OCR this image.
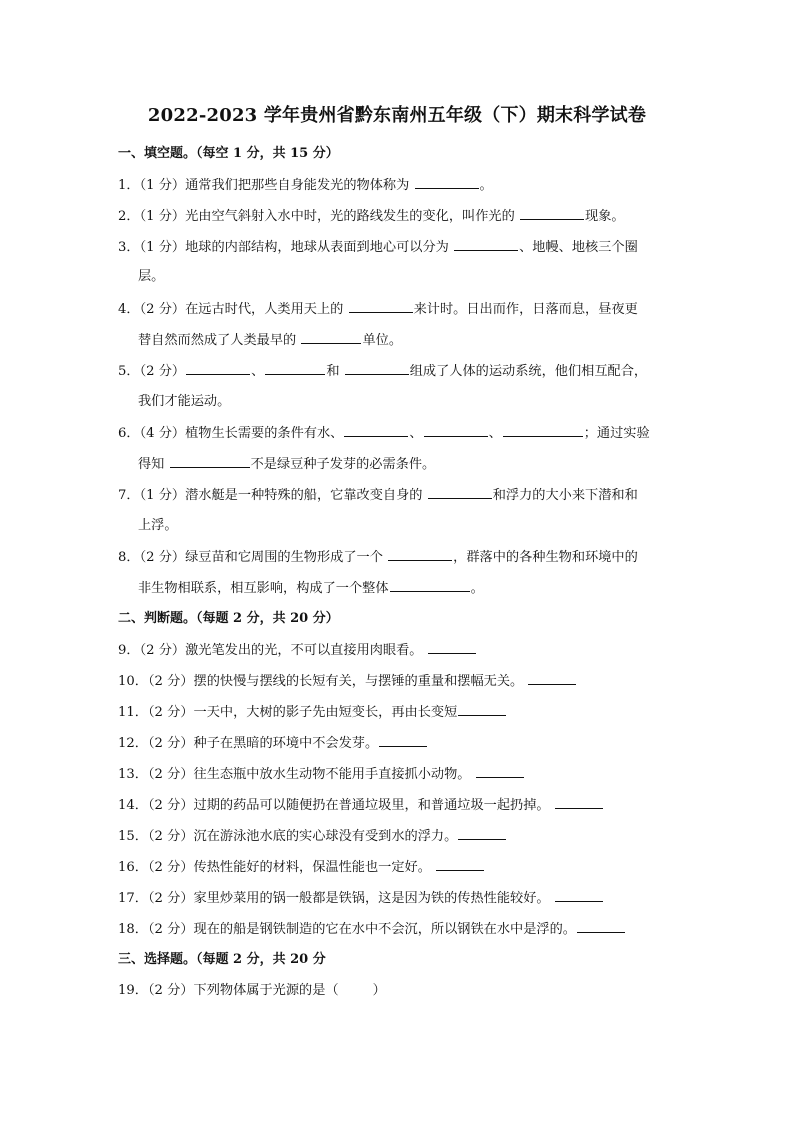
2022-2023 学年贵州省黔东南州五年级（下）期末科学试卷
一、填空题。（每空 1 分，共 15 分）
1．（1 分）通常我们把那些自身能发光的物体称为	。
2．（1 分）光由空气斜射入水中时，光的路线发生的变化，叫作光的	现象。
3．（1 分）地球的内部结构，地球从表面到地心可以分为	、地幔、地核三个圈
层。
4．（2 分）在远古时代，人类用天上的	来计时。日出而作，日落而息，昼夜更
替自然而然成了人类最早的	单位。
5．（2 分）	、	和	组成了人体的运动系统，他们相互配合，
我们才能运动。
6．（4 分）植物生长需要的条件有水、	、	、	；通过实验
得知	不是绿豆种子发芽的必需条件。
7．（1 分）潜水艇是一种特殊的船，它靠改变自身的	和浮力的大小来下潜和和
上浮。
8．（2 分）绿豆苗和它周围的生物形成了一个	，群落中的各种生物和环境中的
非生物相联系，相互影响，构成了一个整体	。
二、判断题。（每题 2 分，共 20 分）
9．（2 分）激光笔发出的光，不可以直接用肉眼看。
10．（2 分）摆的快慢与摆线的长短有关，与摆锤的重量和摆幅无关。
11．（2 分）一天中，大树的影子先由短变长，再由长变短
12．（2 分）种子在黑暗的环境中不会发芽。
13．（2 分）往生态瓶中放水生动物不能用手直接抓小动物。
14．（2 分）过期的药品可以随便扔在普通垃圾里，和普通垃圾一起扔掉。
15．（2 分）沉在游泳池水底的实心球没有受到水的浮力。
16．（2 分）传热性能好的材料，保温性能也一定好。
17．（2 分）家里炒菜用的锅一般都是铁锅，这是因为铁的传热性能较好。
18．（2 分）现在的船是钢铁制造的它在水中不会沉，所以钢铁在水中是浮的。
三、选择题。（每题 2 分，共 20 分
19．（2 分）下列物体属于光源的是（	）
